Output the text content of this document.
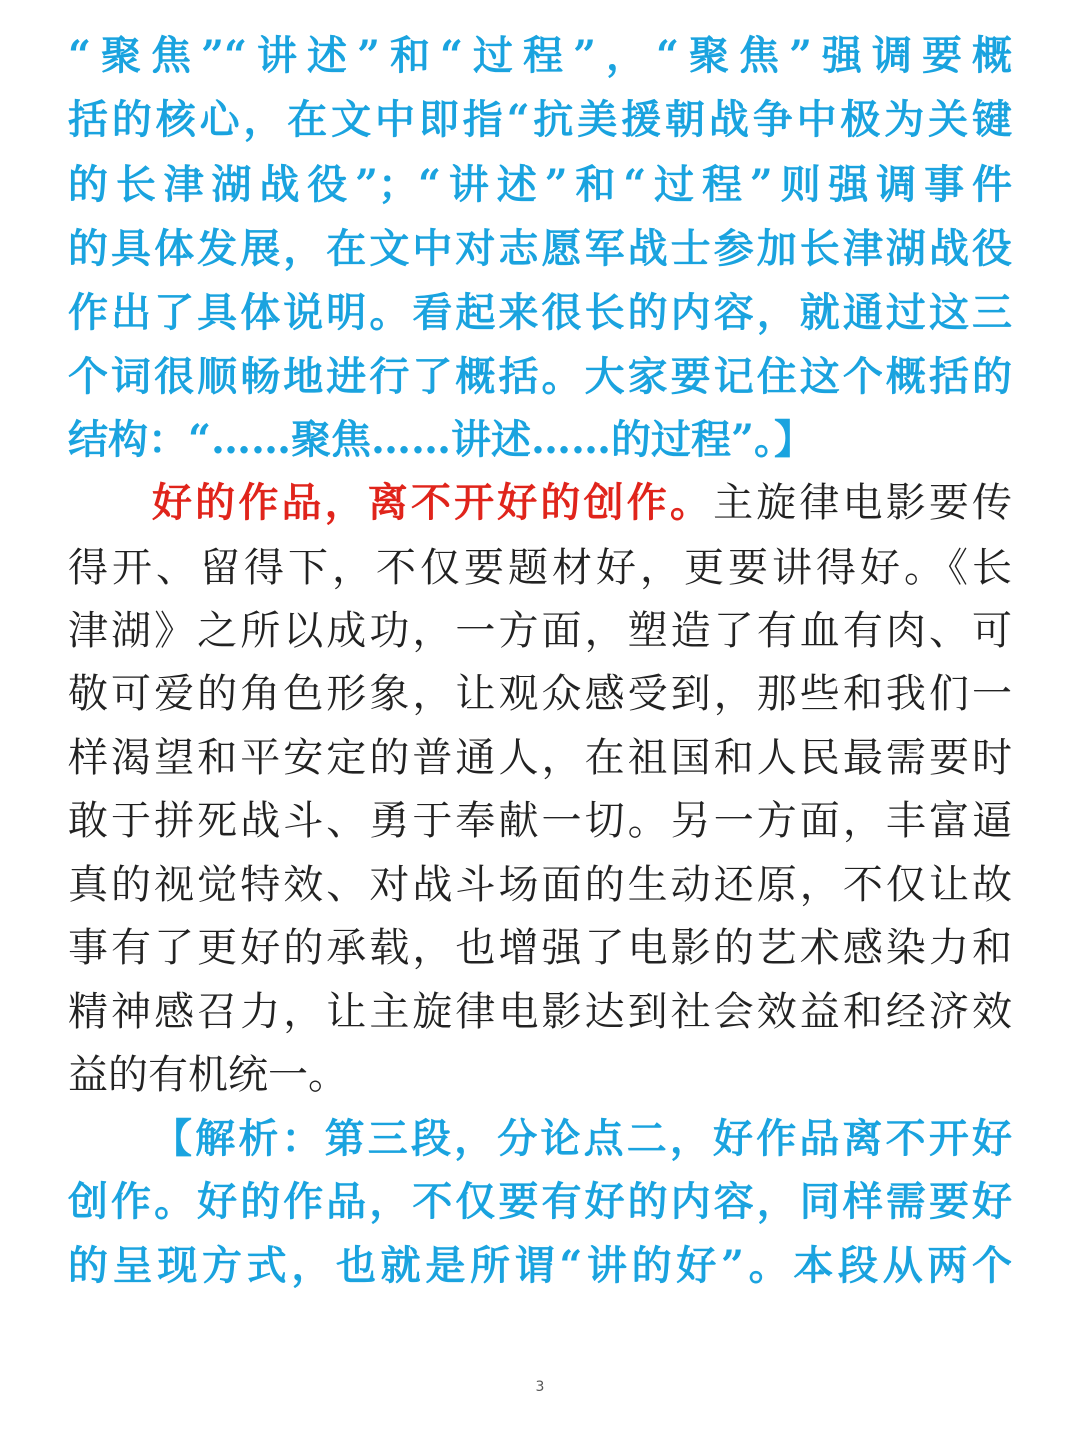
“聚焦”“讲述”和“过程”，“聚焦”强调要概
括的核心，在文中即指“抗美援朝战争中极为关键
的长津湖战役”；“讲述”和“过程”则强调事件
的具体发展，在文中对志愿军战士参加长津湖战役
作出了具体说明。看起来很长的内容，就通过这三
个词很顺畅地进行了概括。大家要记住这个概括的
结构：“……聚焦……讲述……的过程”。】
好的作品，离不开好的创作。主旋律电影要传
得开、留得下，不仅要题材好，更要讲得好。《长
津湖》之所以成功，一方面，塑造了有血有肉、可
敬可爱的角色形象，让观众感受到，那些和我们一
样渴望和平安定的普通人，在祖国和人民最需要时
敢于拼死战斗、勇于奉献一切。另一方面，丰富逼
真的视觉特效、对战斗场面的生动还原，不仅让故
事有了更好的承载，也增强了电影的艺术感染力和
精神感召力，让主旋律电影达到社会效益和经济效
益的有机统一。
【解析：第三段，分论点二，好作品离不开好
创作。好的作品，不仅要有好的内容，同样需要好
的呈现方式，也就是所谓“讲的好”。本段从两个
3
